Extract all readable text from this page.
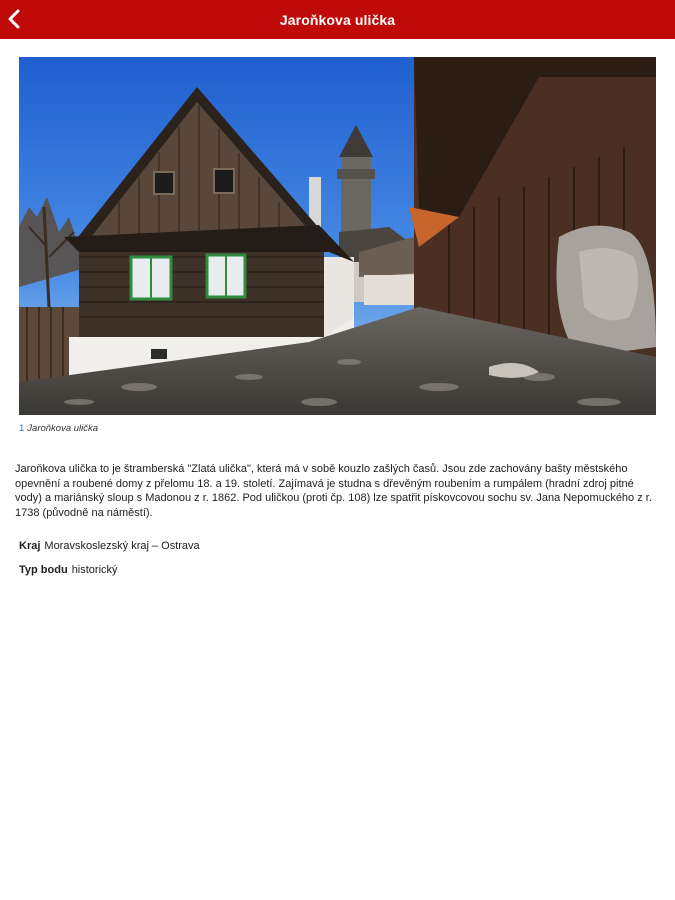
Jaroňkova ulička
1 Jaroňkova ulička

Jaroňkova ulička to je štramberská "Zlatá ulička", která má v sobě kouzlo zašlých časů. Jsou zde zachovány bašty městského opevnění a roubené domy z přelomu 18. a 19. století. Zajímavá je studna s dřevěným roubením a rumpálem (hradní zdroj pitné vody) a mariánský sloup s Madonou z r. 1862. Pod uličkou (proti čp. 108) lze spatřit pískovcovou sochu sv. Jana Nepomuckého z r. 1738 (původně na náměstí).

Kraj Moravskoslezský kraj – Ostrava
Typ bodu historický
